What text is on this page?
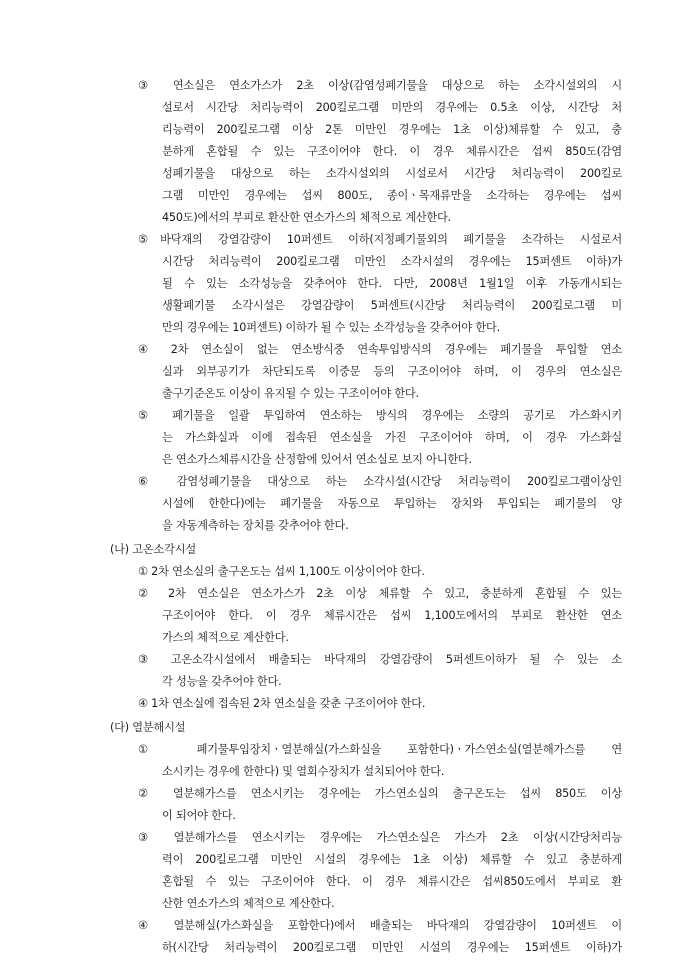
③ 연소실은 연소가스가 2초 이상(감염성폐기물을 대상으로 하는 소각시설외의 시
설로서 시간당 처리능력이 200킬로그램 미만의 경우에는 0.5초 이상, 시간당 처
리능력이 200킬로그램 이상 2톤 미만인 경우에는 1초 이상)체류할 수 있고, 충
분하게 혼합될 수 있는 구조이어야 한다. 이 경우 체류시간은 섭씨 850도(감염
성폐기물을 대상으로 하는 소각시설외의 시설로서 시간당 처리능력이 200킬로
그램 미만인 경우에는 섭씨 800도, 종이ㆍ목재류만을 소각하는 경우에는 섭씨
450도)에서의 부피로 환산한 연소가스의 체적으로 계산한다.
⑤바닥재의 강열감량이 10퍼센트 이하(지정폐기물외의 폐기물을 소각하는 시설로서
시간당 처리능력이 200킬로그램 미만인 소각시설의 경우에는 15퍼센트 이하)가
될 수 있는 소각성능을 갖추어야 한다. 다만, 2008년 1월1일 이후 가동개시되는
생활폐기물 소각시설은 강열감량이 5퍼센트(시간당 처리능력이 200킬로그램 미
만의 경우에는 10퍼센트) 이하가 될 수 있는 소각성능을 갖추어야 한다.
④ 2차 연소실이 없는 연소방식중 연속투입방식의 경우에는 폐기물을 투입할 연소
실과 외부공기가 차단되도록 이중문 등의 구조이어야 하며, 이 경우의 연소실은
출구기준온도 이상이 유지될 수 있는 구조이어야 한다.
⑤ 폐기물을 일괄 투입하여 연소하는 방식의 경우에는 소량의 공기로 가스화시키
는 가스화실과 이에 접속된 연소실을 가진 구조이어야 하며, 이 경우 가스화실
은 연소가스체류시간을 산정함에 있어서 연소실로 보지 아니한다.
⑥ 감염성폐기물을 대상으로 하는 소각시설(시간당 처리능력이 200킬로그램이상인
시설에 한한다)에는 폐기물을 자동으로 투입하는 장치와 투입되는 폐기물의 양
을 자동계측하는 장치를 갖추어야 한다.
(나) 고온소각시설
① 2차 연소실의 출구온도는 섭씨 1,100도 이상이어야 한다.
② 2차 연소실은 연소가스가 2초 이상 체류할 수 있고, 충분하게 혼합될 수 있는
구조이어야 한다. 이 경우 체류시간은 섭씨 1,100도에서의 부피로 환산한 연소
가스의 체적으로 계산한다.
③ 고온소각시설에서 배출되는 바닥재의 강열감량이 5퍼센트이하가 될 수 있는 소
각 성능을 갖추어야 한다.
④ 1차 연소실에 접속된 2차 연소실을 갖춘 구조이어야 한다.
(다) 열분해시설
① 폐기물투입장치ㆍ열분해실(가스화실을 포함한다)ㆍ가스연소실(열분해가스를 연
소시키는 경우에 한한다) 및 열회수장치가 설치되어야 한다.
② 열분해가스를 연소시키는 경우에는 가스연소실의 출구온도는 섭씨 850도 이상
이 되어야 한다.
③ 열분해가스를 연소시키는 경우에는 가스연소실은 가스가 2초 이상(시간당처리능
력이 200킬로그램 미만인 시설의 경우에는 1초 이상) 체류할 수 있고 충분하게
혼합될 수 있는 구조이어야 한다. 이 경우 체류시간은 섭씨850도에서 부피로 환
산한 연소가스의 체적으로 계산한다.
④ 열분해실(가스화실을 포함한다)에서 배출되는 바닥재의 강열감량이 10퍼센트 이
하(시간당 처리능력이 200킬로그램 미만인 시설의 경우에는 15퍼센트 이하)가
